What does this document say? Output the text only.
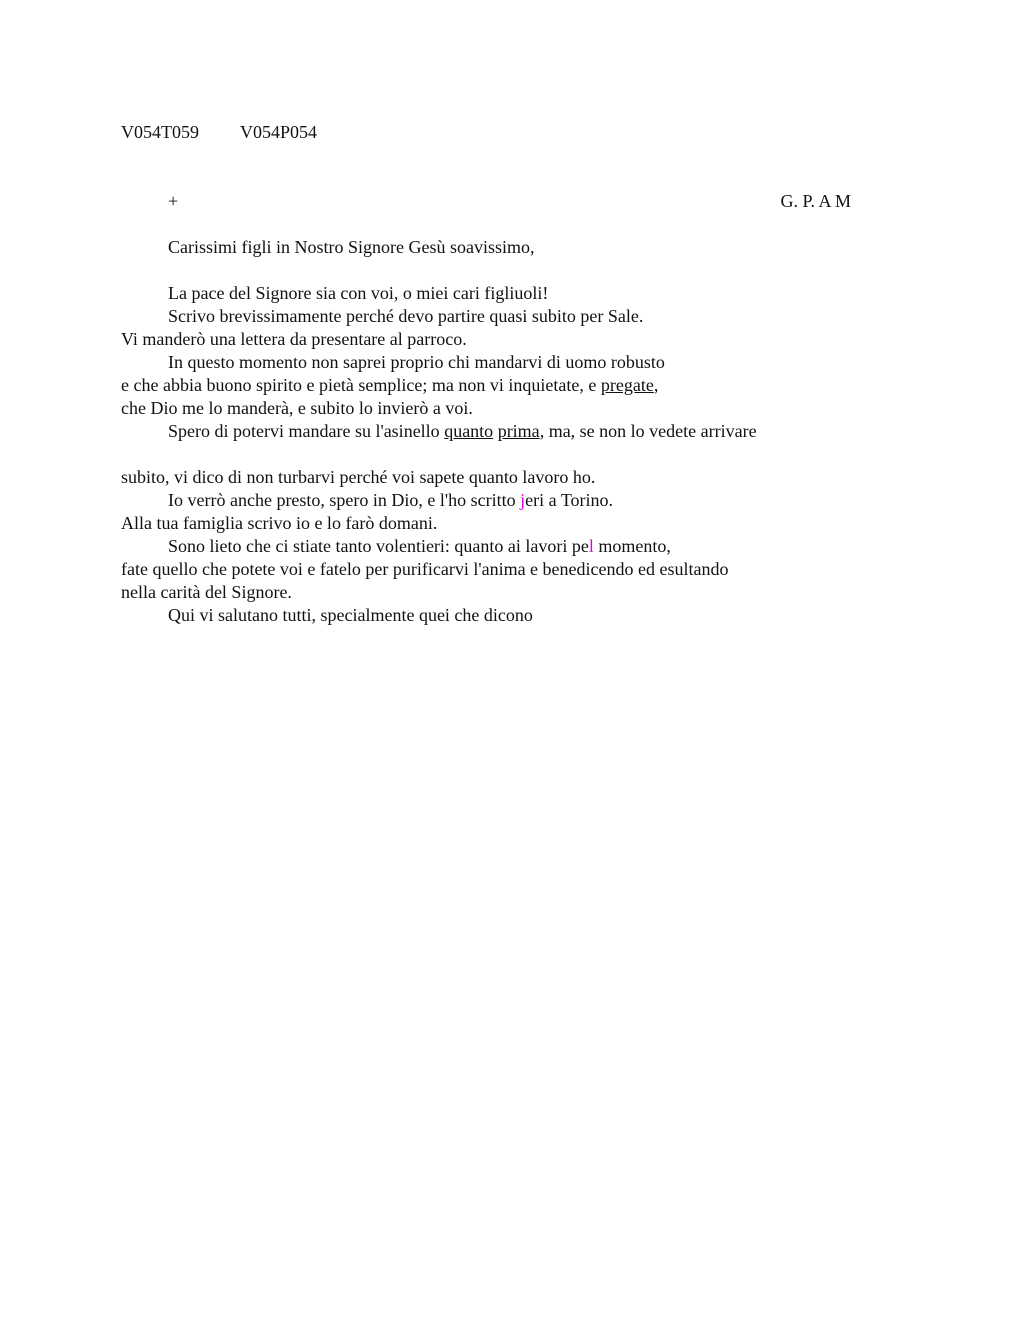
V054T059 V054P054
+	G. P. A M
Carissimi figli in Nostro Signore Gesù soavissimo,
La pace del Signore sia con voi, o miei cari figliuoli!
Scrivo brevissimamente perché devo partire quasi subito per Sale.
Vi manderò una lettera da presentare al parroco.
In questo momento non saprei proprio chi mandarvi di uomo robusto
e che abbia buono spirito e pietà semplice; ma non vi inquietate, e pregate,
che Dio me lo manderà, e subito lo invierò a voi.
Spero di potervi mandare su l'asinello quanto prima, ma, se non lo vedete arrivare
subito, vi dico di non turbarvi perché voi sapete quanto lavoro ho.
Io verrò anche presto, spero in Dio, e l'ho scritto jeri a Torino.
Alla tua famiglia scrivo io e lo farò domani.
Sono lieto che ci stiate tanto volentieri: quanto ai lavori pel momento,
fate quello che potete voi e fatelo per purificarvi l'anima e benedicendo ed esultando
nella carità del Signore.
Qui vi salutano tutti, specialmente quei che dicono
